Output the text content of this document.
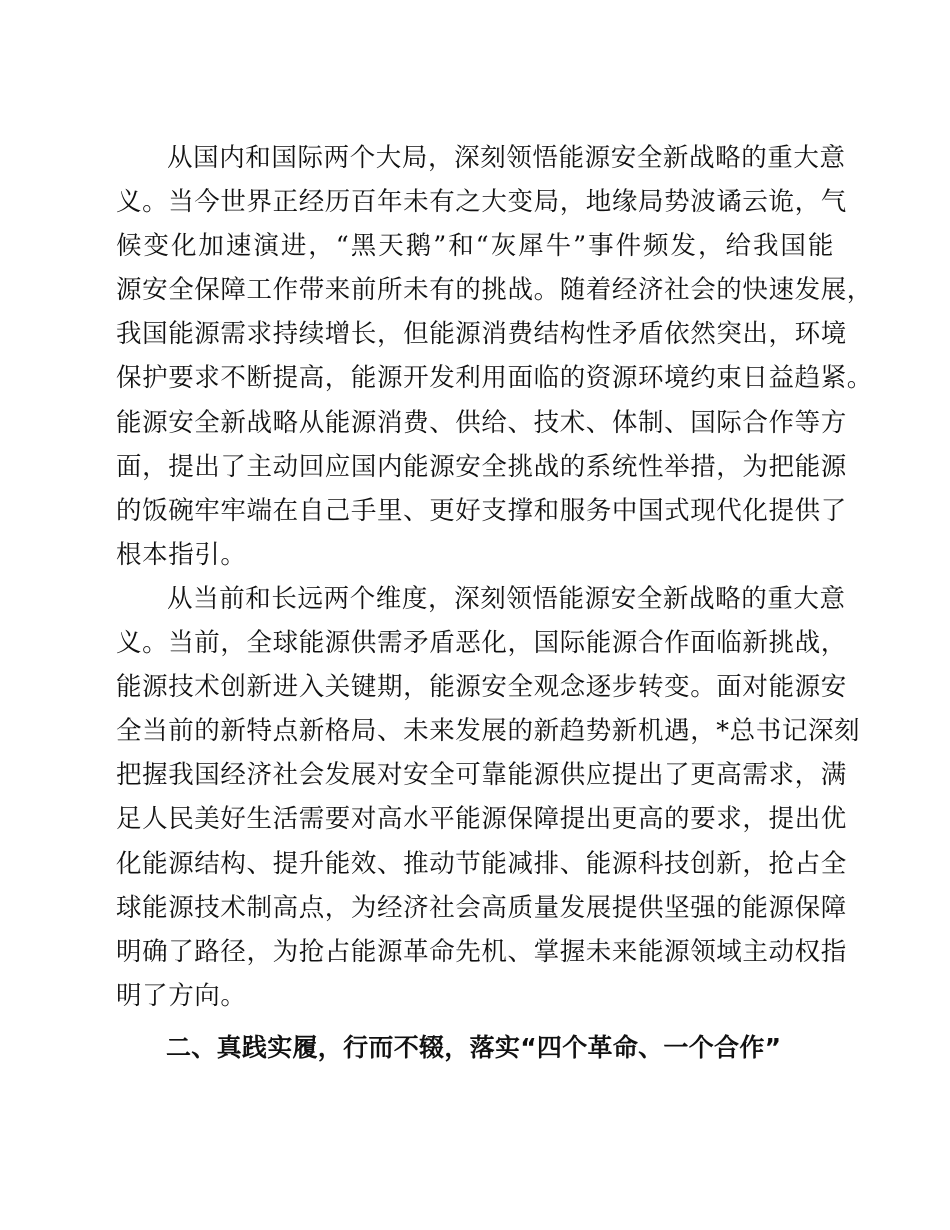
从国内和国际两个大局，深刻领悟能源安全新战略的重大意
义。当今世界正经历百年未有之大变局，地缘局势波谲云诡，气
候变化加速演进，“黑天鹅”和“灰犀牛”事件频发，给我国能
源安全保障工作带来前所未有的挑战。随着经济社会的快速发展，
我国能源需求持续增长，但能源消费结构性矛盾依然突出，环境
保护要求不断提高，能源开发利用面临的资源环境约束日益趋紧。
能源安全新战略从能源消费、供给、技术、体制、国际合作等方
面，提出了主动回应国内能源安全挑战的系统性举措，为把能源
的饭碗牢牢端在自己手里、更好支撑和服务中国式现代化提供了
根本指引。
从当前和长远两个维度，深刻领悟能源安全新战略的重大意
义。当前，全球能源供需矛盾恶化，国际能源合作面临新挑战，
能源技术创新进入关键期，能源安全观念逐步转变。面对能源安
全当前的新特点新格局、未来发展的新趋势新机遇，*总书记深刻
把握我国经济社会发展对安全可靠能源供应提出了更高需求，满
足人民美好生活需要对高水平能源保障提出更高的要求，提出优
化能源结构、提升能效、推动节能减排、能源科技创新，抢占全
球能源技术制高点，为经济社会高质量发展提供坚强的能源保障
明确了路径，为抢占能源革命先机、掌握未来能源领域主动权指
明了方向。
二、真践实履，行而不辍，落实“四个革命、一个合作”
